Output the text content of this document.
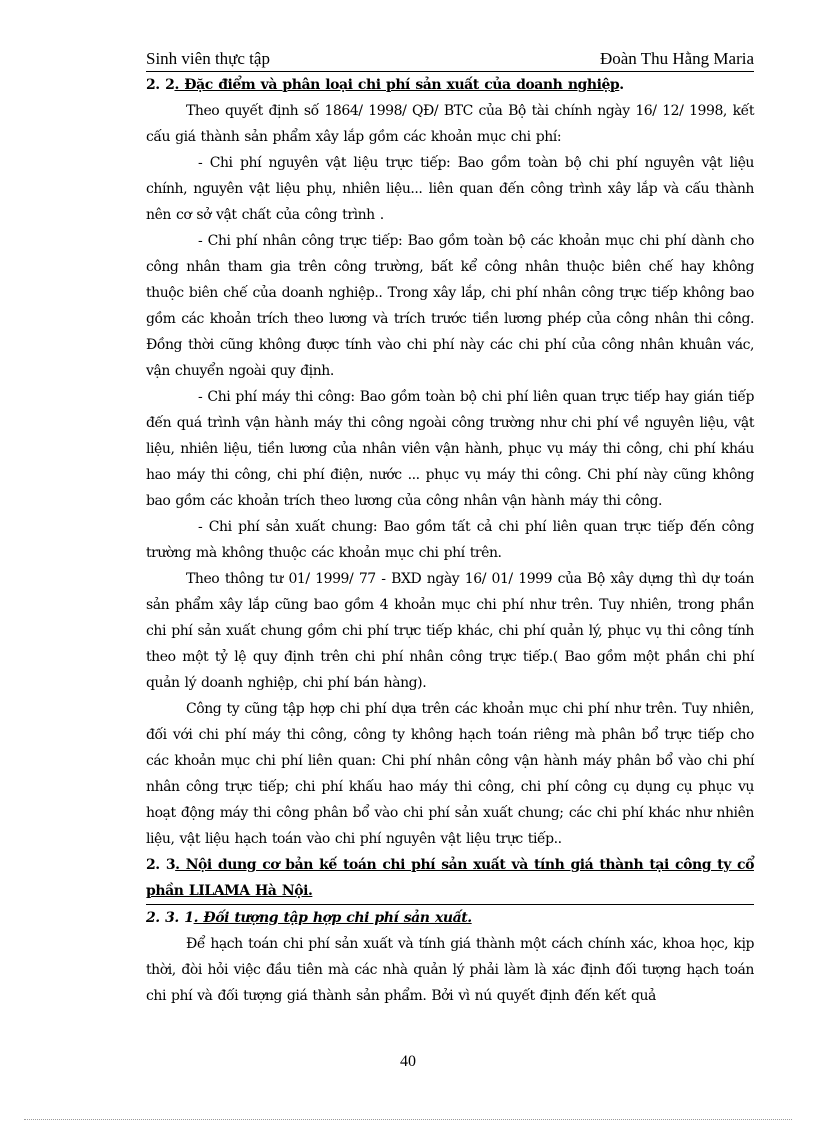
Sinh viên thực tập	Đoàn Thu Hằng Maria

2. 2. Đặc điểm và phân loại chi phí sản xuất của doanh nghiệp.

Theo quyết định số 1864/ 1998/ QĐ/ BTC của Bộ tài chính ngày 16/ 12/ 1998, kết cấu giá thành sản phẩm xây lắp gồm các khoản mục chi phí:

- Chi phí nguyên vật liệu trực tiếp: Bao gồm toàn bộ chi phí nguyên vật liệu chính, nguyên vật liệu phụ, nhiên liệu... liên quan đến công trình xây lắp và cấu thành nên cơ sở vật chất của công trình .

- Chi phí nhân công trực tiếp: Bao gồm toàn bộ các khoản mục chi phí dành cho công nhân tham gia trên công trường, bất kể công nhân thuộc biên chế hay không thuộc biên chế của doanh nghiệp.. Trong xây lắp, chi phí nhân công trực tiếp không bao gồm các khoản trích theo lương và trích trước tiền lương phép của công nhân thi công. Đồng thời cũng không được tính vào chi phí này các chi phí của công nhân khuân vác, vận chuyển ngoài quy định.

- Chi phí máy thi công: Bao gồm toàn bộ chi phí liên quan trực tiếp hay gián tiếp đến quá trình vận hành máy thi công ngoài công trường như chi phí về nguyên liệu, vật liệu, nhiên liệu, tiền lương của nhân viên vận hành, phục vụ máy thi công, chi phí kháu hao máy thi công, chi phí điện, nước ... phục vụ máy thi công. Chi phí này cũng không bao gồm các khoản trích theo lương của công nhân vận hành máy thi công.

- Chi phí sản xuất chung: Bao gồm tất cả chi phí liên quan trực tiếp đến công trường mà không thuộc các khoản mục chi phí trên.

Theo thông tư 01/ 1999/ 77 - BXD ngày 16/ 01/ 1999 của Bộ xây dựng thì dự toán sản phẩm xây lắp cũng bao gồm 4 khoản mục chi phí như trên. Tuy nhiên, trong phần chi phí sản xuất chung gồm chi phí trực tiếp khác, chi phí quản lý, phục vụ thi công tính theo một tỷ lệ quy định trên chi phí nhân công trực tiếp.( Bao gồm một phần chi phí quản lý doanh nghiệp, chi phí bán hàng).

Công ty cũng tập hợp chi phí dựa trên các khoản mục chi phí như trên. Tuy nhiên, đối với chi phí máy thi công, công ty không hạch toán riêng mà phân bổ trực tiếp cho các khoản mục chi phí liên quan: Chi phí nhân công vận hành máy phân bổ vào chi phí nhân công trực tiếp; chi phí khấu hao máy thi công, chi phí công cụ dụng cụ phục vụ hoạt động máy thi công phân bổ vào chi phí sản xuất chung; các chi phí khác như nhiên liệu, vật liệu hạch toán vào chi phí nguyên vật liệu trực tiếp..

2. 3. Nội dung cơ bản kế toán chi phí sản xuất và tính giá thành tại công ty cổ phần LILAMA Hà Nội.

2. 3. 1. Đối tượng tập hợp chi phí sản xuất.

Để hạch toán chi phí sản xuất và tính giá thành một cách chính xác, khoa học, kịp thời, đòi hỏi việc đầu tiên mà các nhà quản lý phải làm là xác định đối tượng hạch toán chi phí và đối tượng giá thành sản phẩm. Bởi vì nú quyết định đến kết quả

40
